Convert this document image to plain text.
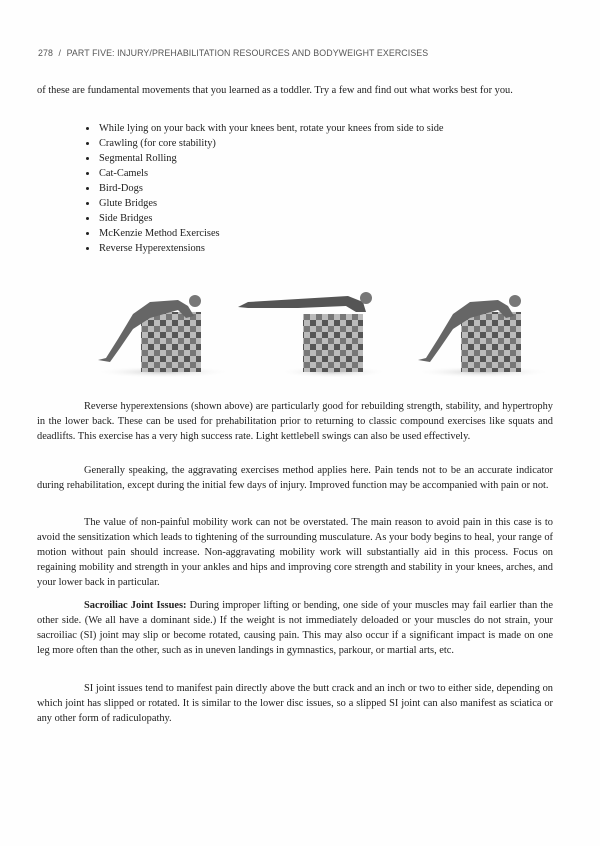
278 / PART FIVE: INJURY/PREHABILITATION RESOURCES AND BODYWEIGHT EXERCISES

of these are fundamental movements that you learned as a toddler. Try a few and find out what works best for you.

While lying on your back with your knees bent, rotate your knees from side to side
Crawling (for core stability)
Segmental Rolling
Cat-Camels
Bird-Dogs
Glute Bridges
Side Bridges
McKenzie Method Exercises
Reverse Hyperextensions

Reverse hyperextensions (shown above) are particularly good for rebuilding strength, stability, and hypertrophy in the lower back. These can be used for prehabilitation prior to returning to classic compound exercises like squats and deadlifts. This exercise has a very high success rate. Light kettlebell swings can also be used effectively.

Generally speaking, the aggravating exercises method applies here. Pain tends not to be an accurate indicator during rehabilitation, except during the initial few days of injury. Improved function may be accompanied with pain or not.

The value of non-painful mobility work can not be overstated. The main reason to avoid pain in this case is to avoid the sensitization which leads to tightening of the surrounding musculature. As your body begins to heal, your range of motion without pain should increase. Non-aggravating mobility work will substantially aid in this process. Focus on regaining mobility and strength in your ankles and hips and improving core strength and stability in your knees, arches, and your lower back in particular.

Sacroiliac Joint Issues: During improper lifting or bending, one side of your muscles may fail earlier than the other side. (We all have a dominant side.) If the weight is not immediately deloaded or your muscles do not strain, your sacroiliac (SI) joint may slip or become rotated, causing pain. This may also occur if a significant impact is made on one leg more often than the other, such as in uneven landings in gymnastics, parkour, or martial arts, etc.

SI joint issues tend to manifest pain directly above the butt crack and an inch or two to either side, depending on which joint has slipped or rotated. It is similar to the lower disc issues, so a slipped SI joint can also manifest as sciatica or any other form of radiculopathy.
